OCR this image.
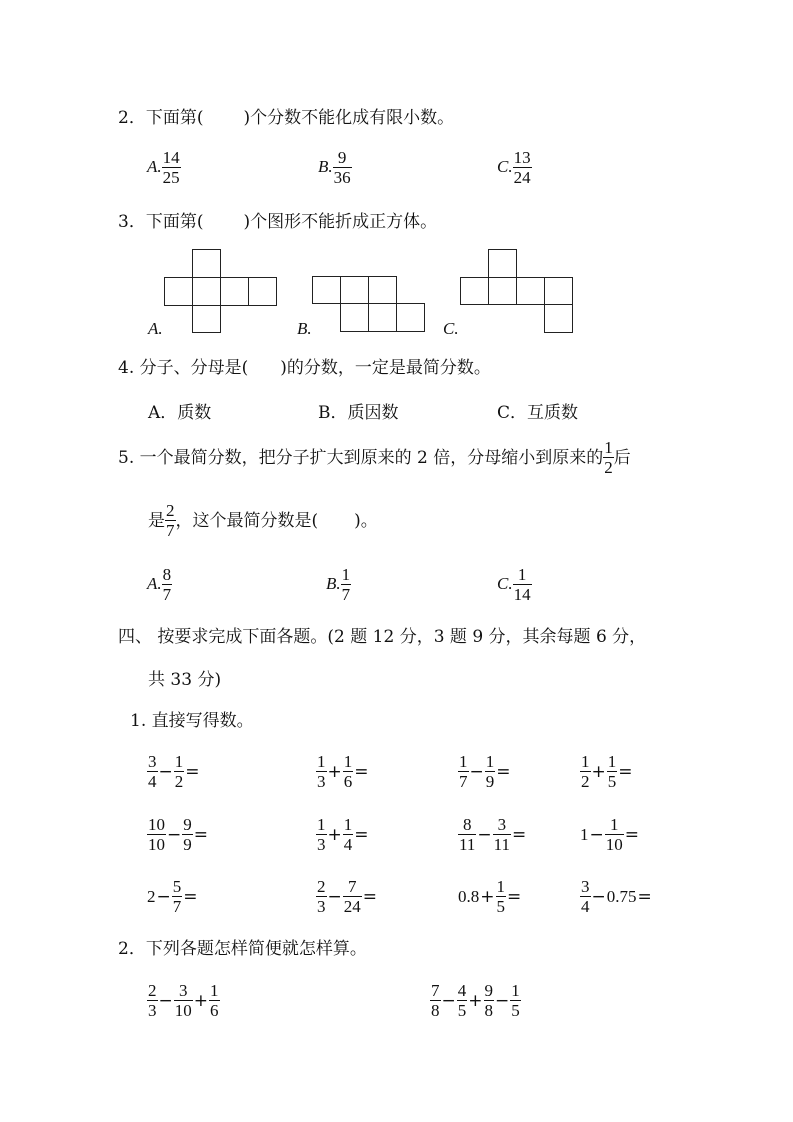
2．下面第( )个分数不能化成有限小数。
A. $\frac{14}{25}$	B. $\frac{9}{36}$	C. $\frac{13}{24}$
3．下面第( )个图形不能折成正方体。
A.	B.	C.
4. 分子、分母是( )的分数，一定是最简分数。
A．质数	B．质因数	C．互质数
5. 一个最简分数，把分子扩大到原来的 2 倍，分母缩小到原来的 $\frac{1}{2}$ 后
是 $\frac{2}{7}$ ，这个最简分数是( )。
A. $\frac{8}{7}$	B. $\frac{1}{7}$	C. $\frac{1}{14}$
四、 按要求完成下面各题。(2 题 12 分，3 题 9 分，其余每题 6 分，
共 33 分)
1. 直接写得数。
$\frac{3}{4} - \frac{1}{2}$ =	$\frac{1}{3} + \frac{1}{6}$ =	$\frac{1}{7} - \frac{1}{9}$ =	$\frac{1}{2} + \frac{1}{5}$ =
$\frac{10}{10} - \frac{9}{9}$ =	$\frac{1}{3} + \frac{1}{4}$ =	$\frac{8}{11} - \frac{3}{11}$ =	$1 - \frac{1}{10}$ =
$2 - \frac{5}{7}$ =	$\frac{2}{3} - \frac{7}{24}$ =	$0.8 + \frac{1}{5}$ =	$\frac{3}{4} - 0.75$ =
2．下列各题怎样简便就怎样算。
$\frac{2}{3} - \frac{3}{10} + \frac{1}{6}$	$\frac{7}{8} - \frac{4}{5} + \frac{9}{8} - \frac{1}{5}$
